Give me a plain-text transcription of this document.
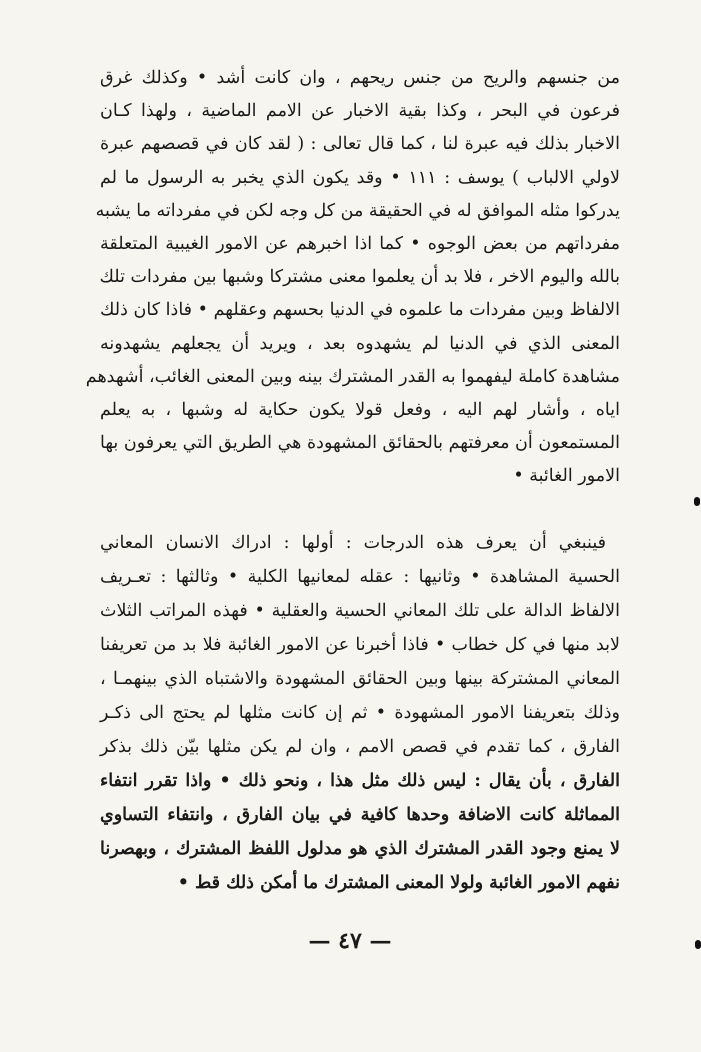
من جنسهم والريح من جنس ريحهم ، وان كانت أشد • وكذلك غرق
فرعون في البحر ، وكذا بقية الاخبار عن الامم الماضية ، ولهذا كـان
الاخبار بذلك فيه عبرة لنا ، كما قال تعالى : ( لقد كان في قصصهم عبرة
لاولي الالباب ) يوسف : ١١١ • وقد يكون الذي يخبر به الرسول ما لم
يدركوا مثله الموافق له في الحقيقة من كل وجه لكن في مفرداته ما يشبه
مفرداتهم من بعض الوجوه • كما اذا اخبرهم عن الامور الغيبية المتعلقة
بالله واليوم الاخر ، فلا بد أن يعلموا معنى مشتركا وشبها بين مفردات تلك
الالفاظ وبين مفردات ما علموه في الدنيا بحسهم وعقلهم • فاذا كان ذلك
المعنى الذي في الدنيا لم يشهدوه بعد ، ويريد أن يجعلهم يشهدونه
مشاهدة كاملة ليفهموا به القدر المشترك بينه وبين المعنى الغائب، أشهدهم
اياه ، وأشار لهم اليه ، وفعل قولا يكون حكاية له وشبها ، به يعلم
المستمعون أن معرفتهم بالحقائق المشهودة هي الطريق التي يعرفون بها
الامور الغائبة •
فينبغي أن يعرف هذه الدرجات : أولها : ادراك الانسان المعاني
الحسية المشاهدة • وثانيها : عقله لمعانيها الكلية • وثالثها : تعـريف
الالفاظ الدالة على تلك المعاني الحسية والعقلية • فهذه المراتب الثلاث
لابد منها في كل خطاب • فاذا أخبرنا عن الامور الغائبة فلا بد من تعريفنا
المعاني المشتركة بينها وبين الحقائق المشهودة والاشتباه الذي بينهمـا ،
وذلك بتعريفنا الامور المشهودة • ثم إن كانت مثلها لم يحتج الى ذكـر
الفارق ، كما تقدم في قصص الامم ، وان لم يكن مثلها بيّن ذلك بذكر
الفارق ، بأن يقال : ليس ذلك مثل هذا ، ونحو ذلك • واذا تقرر انتفاء
المماثلة كانت الاضافة وحدها كافية في بيان الفارق ، وانتفاء التساوي
لا يمنع وجود القدر المشترك الذي هو مدلول اللفظ المشترك ، وبهصرنا
نفهم الامور الغائبة ولولا المعنى المشترك ما أمكن ذلك قط •
— ٤٧ —
